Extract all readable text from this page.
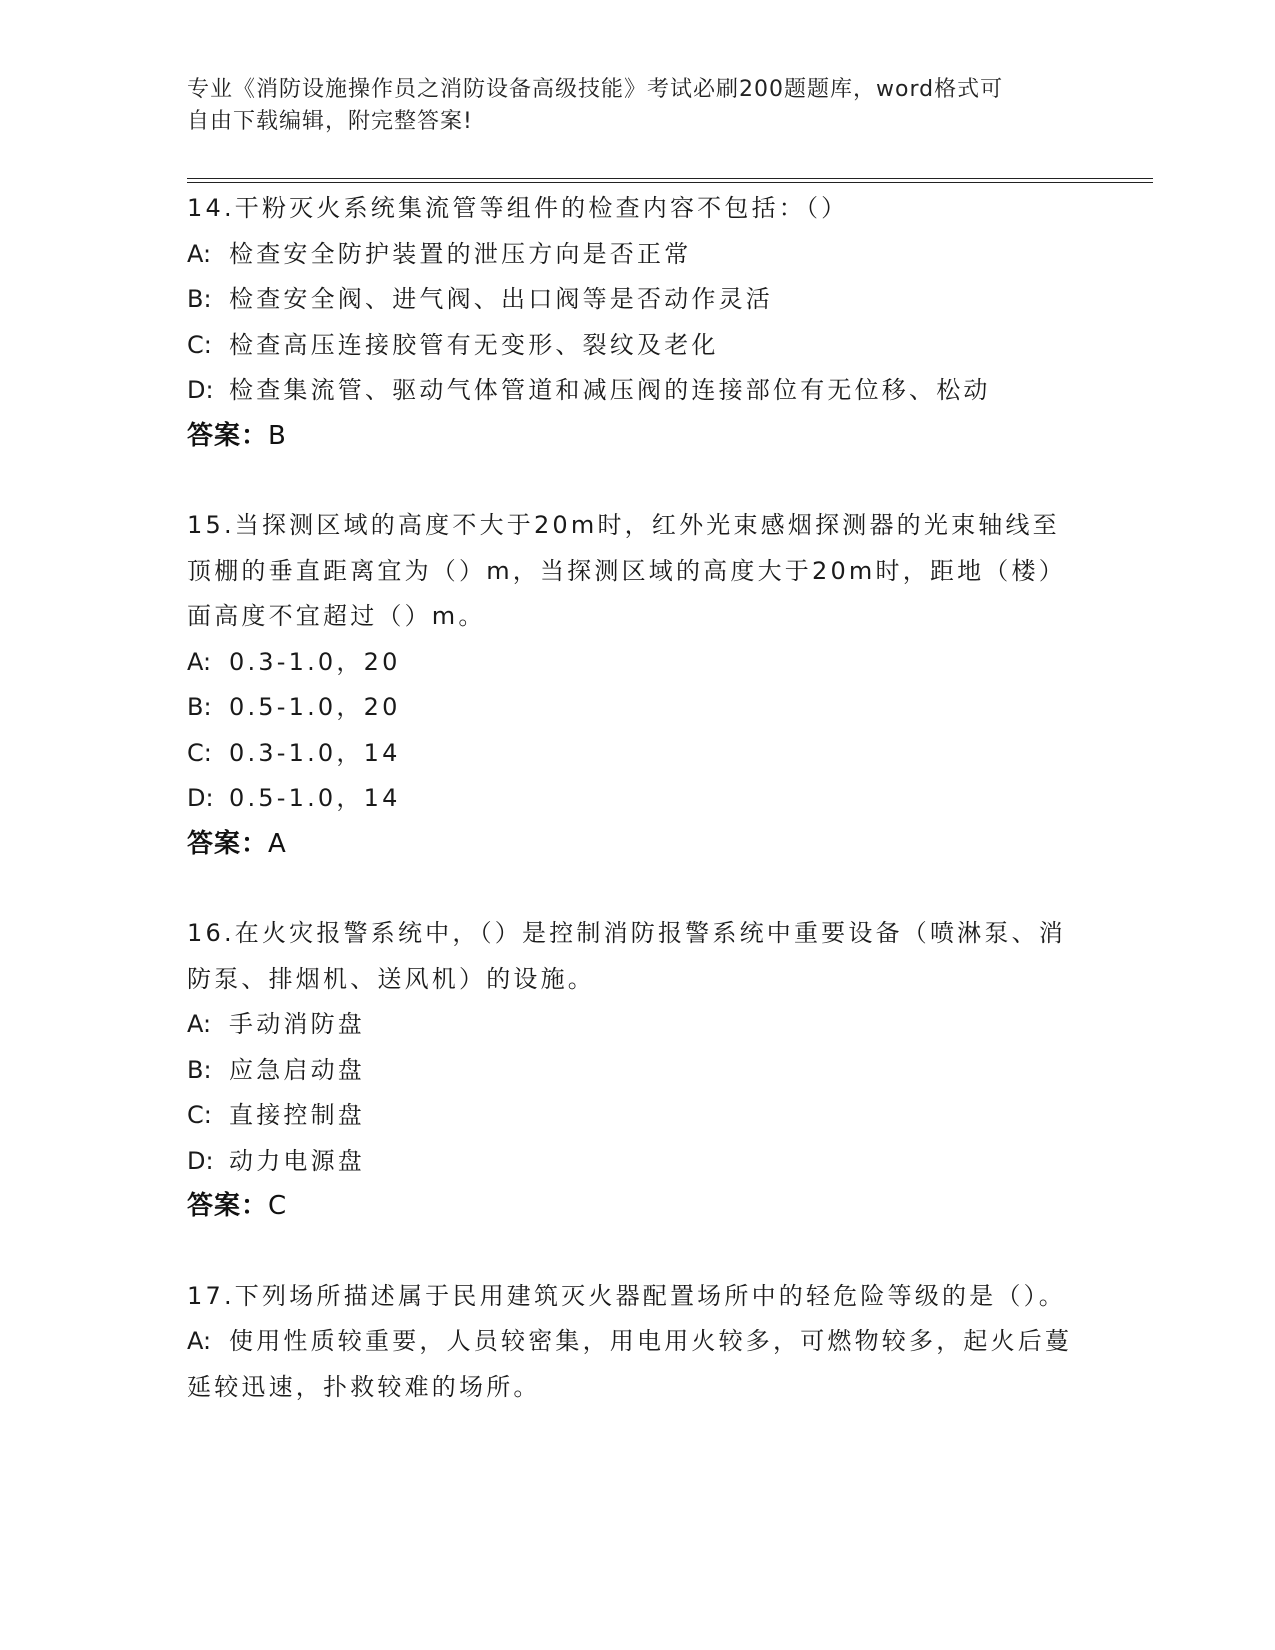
专业《消防设施操作员之消防设备高级技能》考试必刷200题题库，word格式可
自由下载编辑，附完整答案!
14.干粉灭火系统集流管等组件的检查内容不包括：（）
A: 检查安全防护装置的泄压方向是否正常
B: 检查安全阀、进气阀、出口阀等是否动作灵活
C: 检查高压连接胶管有无变形、裂纹及老化
D: 检查集流管、驱动气体管道和减压阀的连接部位有无位移、松动
答案：B
15.当探测区域的高度不大于20m时，红外光束感烟探测器的光束轴线至顶棚的垂直距离宜为（）m，当探测区域的高度大于20m时，距地（楼）面高度不宜超过（）m。
A: 0.3-1.0，20
B: 0.5-1.0，20
C: 0.3-1.0，14
D: 0.5-1.0，14
答案：A
16.在火灾报警系统中，（）是控制消防报警系统中重要设备（喷淋泵、消防泵、排烟机、送风机）的设施。
A: 手动消防盘
B: 应急启动盘
C: 直接控制盘
D: 动力电源盘
答案：C
17.下列场所描述属于民用建筑灭火器配置场所中的轻危险等级的是（）。
A: 使用性质较重要，人员较密集，用电用火较多，可燃物较多，起火后蔓延较迅速，扑救较难的场所。
